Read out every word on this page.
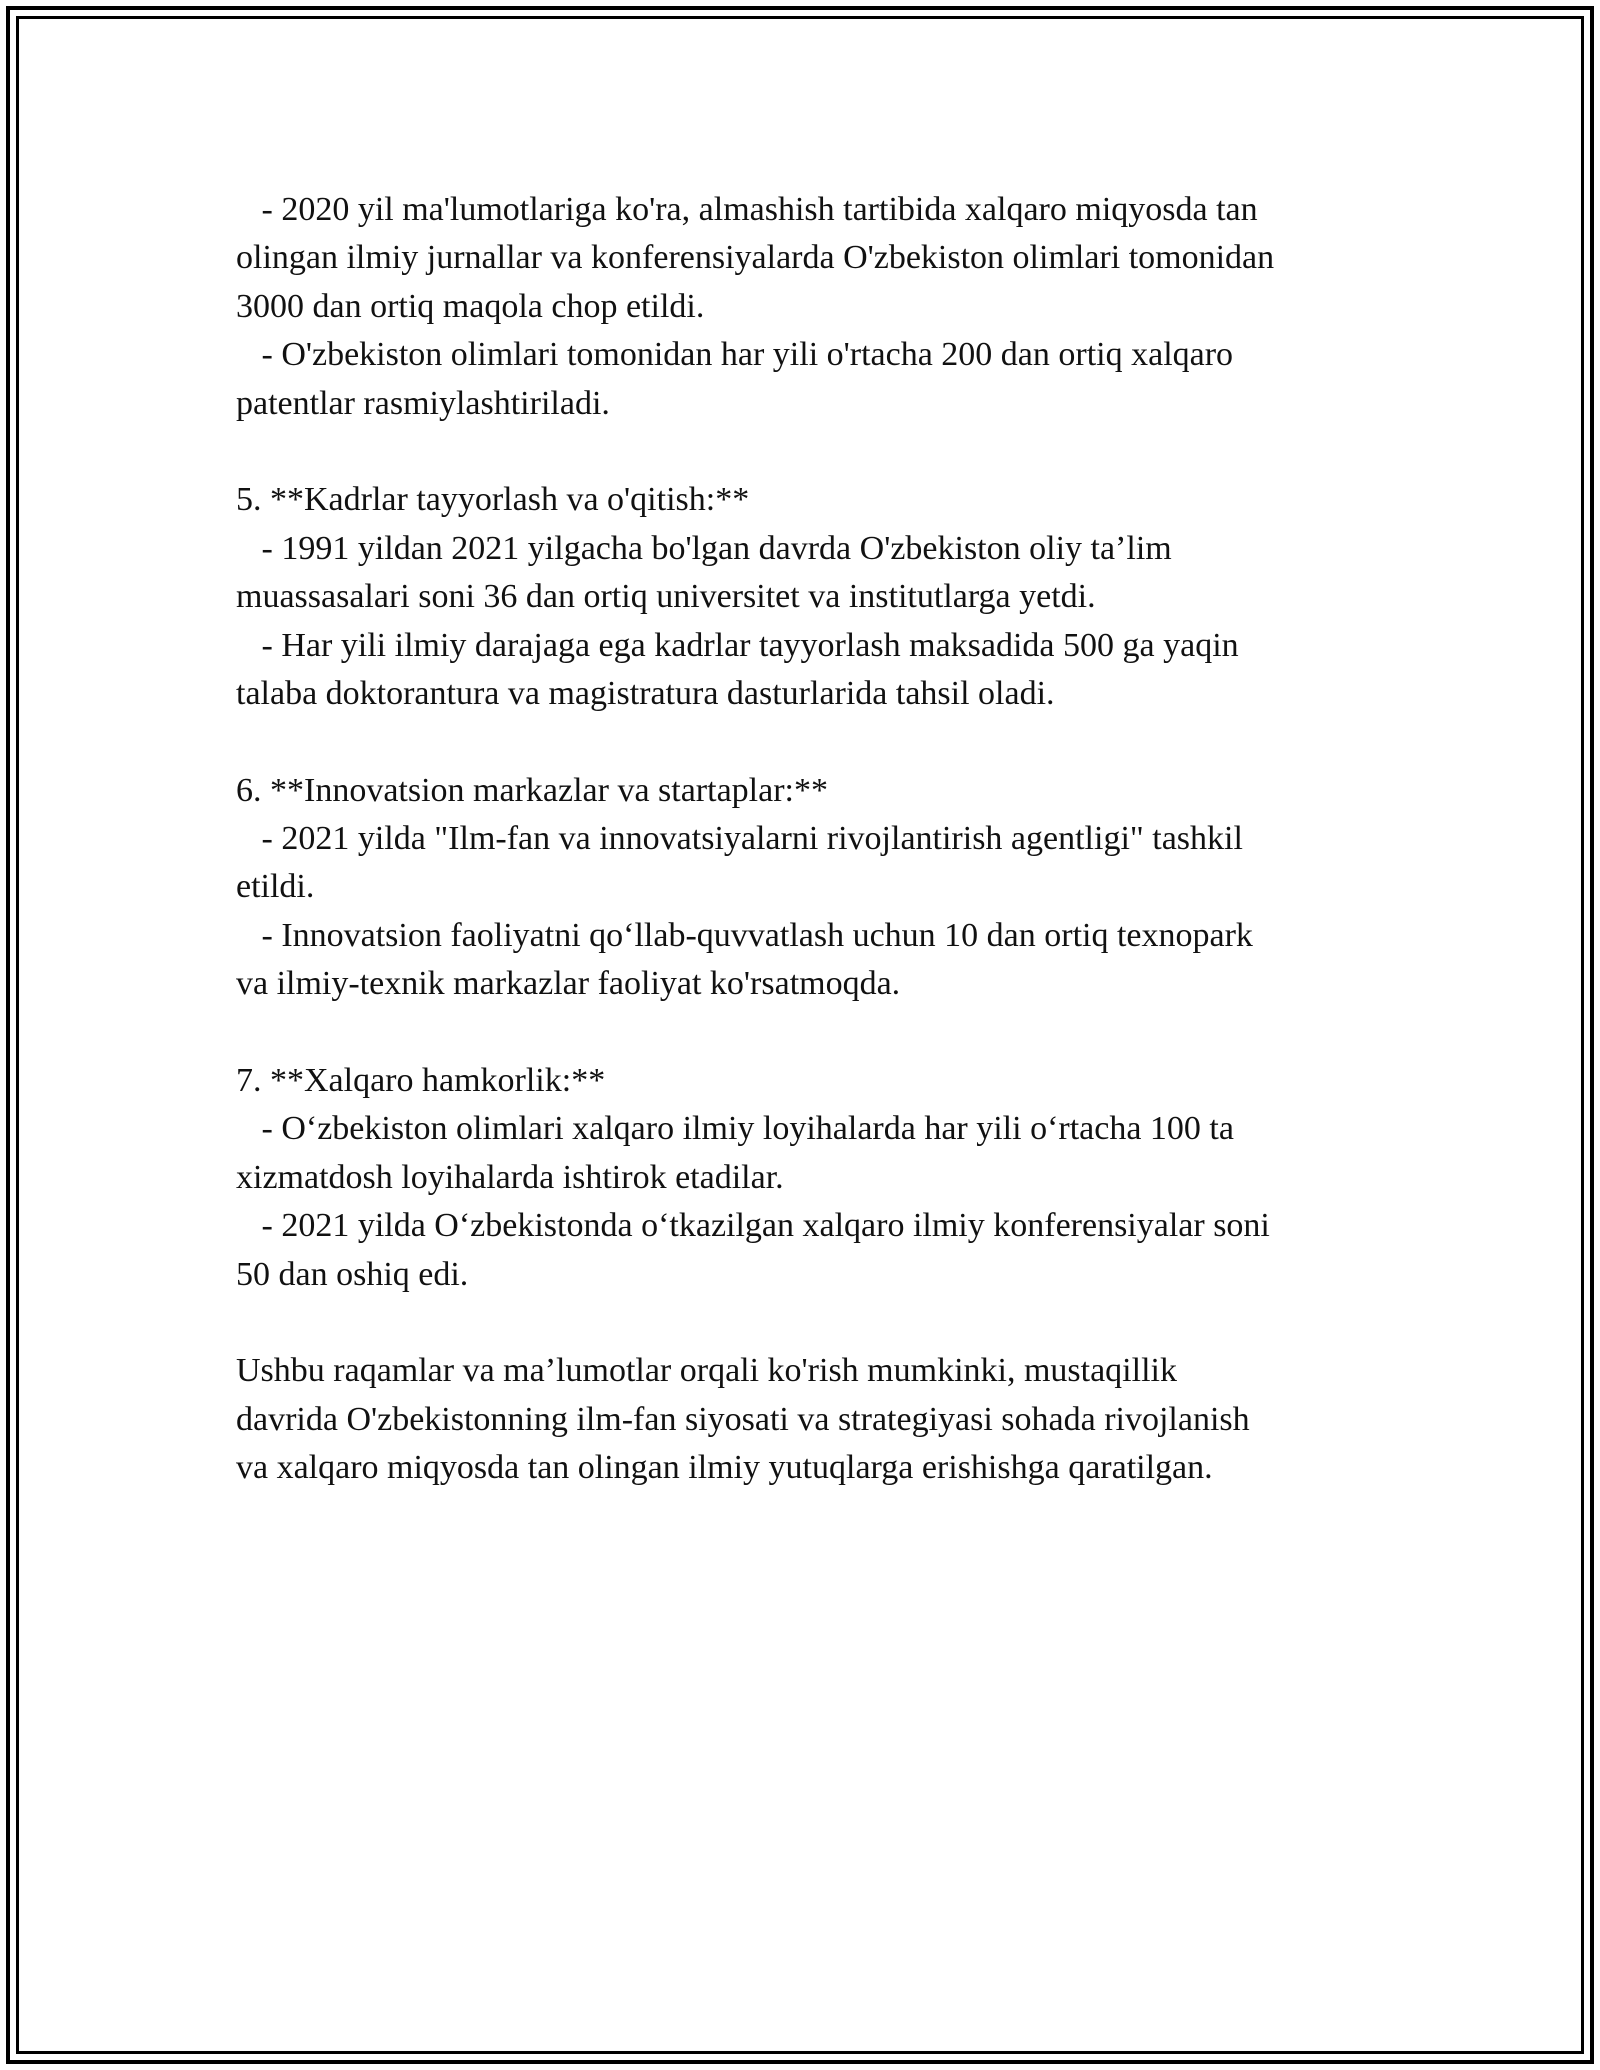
- 2020 yil ma'lumotlariga ko'ra, almashish tartibida xalqaro miqyosda tan
olingan ilmiy jurnallar va konferensiyalarda O'zbekiston olimlari tomonidan
3000 dan ortiq maqola chop etildi.
- O'zbekiston olimlari tomonidan har yili o'rtacha 200 dan ortiq xalqaro
patentlar rasmiylashtiriladi.
5. **Kadrlar tayyorlash va o'qitish:**
- 1991 yildan 2021 yilgacha bo'lgan davrda O'zbekiston oliy ta’lim
muassasalari soni 36 dan ortiq universitet va institutlarga yetdi.
- Har yili ilmiy darajaga ega kadrlar tayyorlash maksadida 500 ga yaqin
talaba doktorantura va magistratura dasturlarida tahsil oladi.
6. **Innovatsion markazlar va startaplar:**
- 2021 yilda "Ilm-fan va innovatsiyalarni rivojlantirish agentligi" tashkil
etildi.
- Innovatsion faoliyatni qo‘llab-quvvatlash uchun 10 dan ortiq texnopark
va ilmiy-texnik markazlar faoliyat ko'rsatmoqda.
7. **Xalqaro hamkorlik:**
- O‘zbekiston olimlari xalqaro ilmiy loyihalarda har yili o‘rtacha 100 ta
xizmatdosh loyihalarda ishtirok etadilar.
- 2021 yilda O‘zbekistonda o‘tkazilgan xalqaro ilmiy konferensiyalar soni
50 dan oshiq edi.
Ushbu raqamlar va ma’lumotlar orqali ko'rish mumkinki, mustaqillik
davrida O'zbekistonning ilm-fan siyosati va strategiyasi sohada rivojlanish
va xalqaro miqyosda tan olingan ilmiy yutuqlarga erishishga qaratilgan.
